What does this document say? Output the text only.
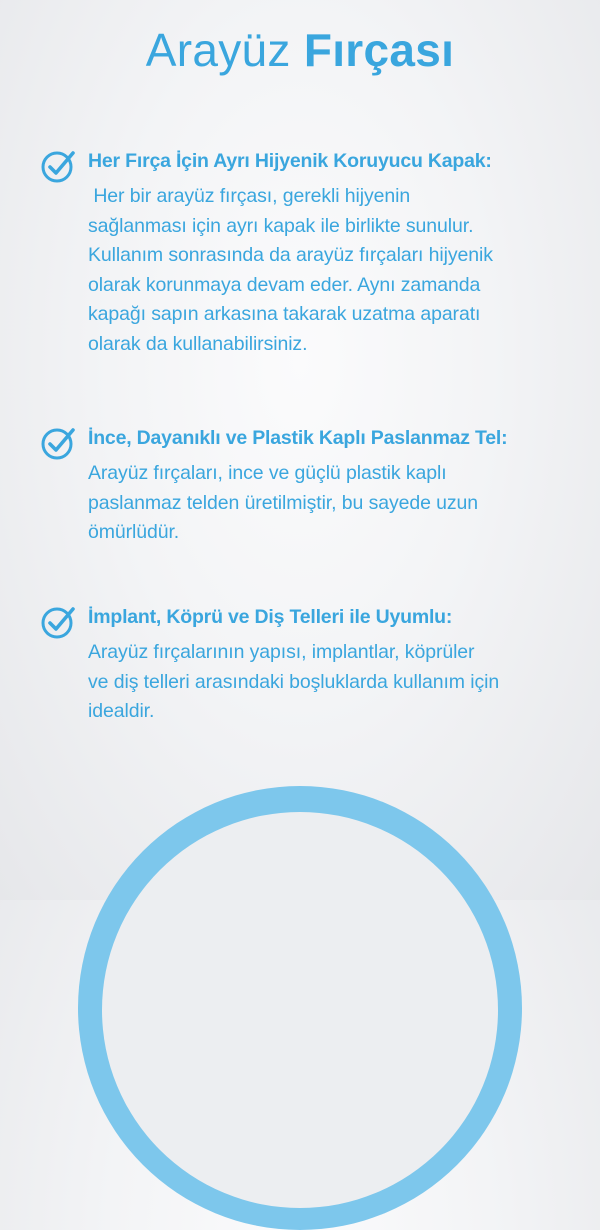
Arayüz Fırçası
Her Fırça İçin Ayrı Hijyenik Koruyucu Kapak:
Her bir arayüz fırçası, gerekli hijyenin
sağlanması için ayrı kapak ile birlikte sunulur.
Kullanım sonrasında da arayüz fırçaları hijyenik
olarak korunmaya devam eder. Aynı zamanda
kapağı sapın arkasına takarak uzatma aparatı
olarak da kullanabilirsiniz.
İnce, Dayanıklı ve Plastik Kaplı Paslanmaz Tel:
Arayüz fırçaları, ince ve güçlü plastik kaplı
paslanmaz telden üretilmiştir, bu sayede uzun
ömürlüdür.
İmplant, Köprü ve Diş Telleri ile Uyumlu:
Arayüz fırçalarının yapısı, implantlar, köprüler
ve diş telleri arasındaki boşluklarda kullanım için
idealdir.
